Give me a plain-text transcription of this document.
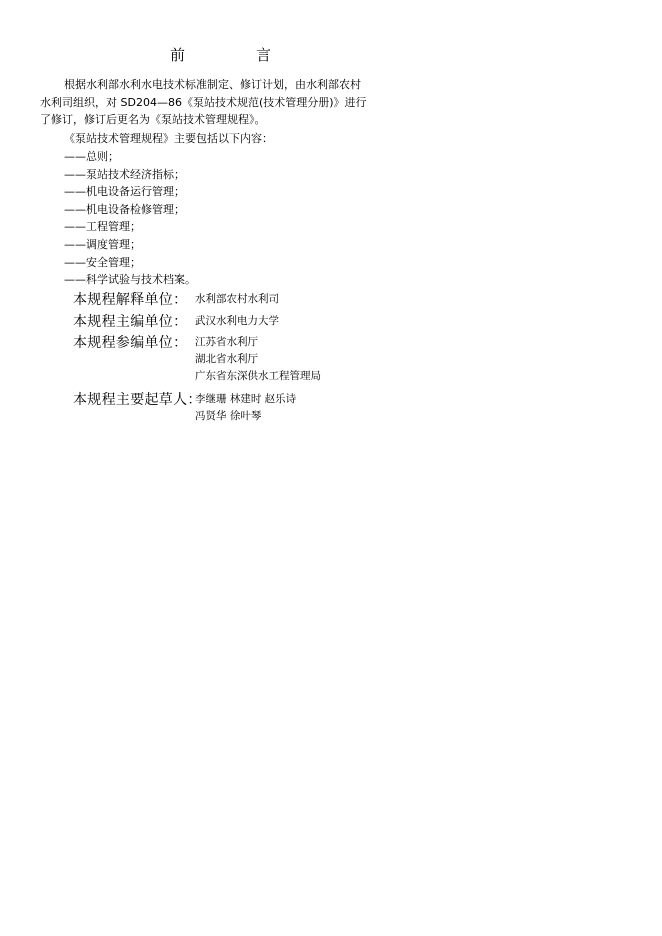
前　言

根据水利部水利水电技术标准制定、修订计划，由水利部农村
水利司组织，对 SD204—86《泵站技术规范(技术管理分册)》进行
了修订，修订后更名为《泵站技术管理规程》。

《泵站技术管理规程》主要包括以下内容：
——总则；
——泵站技术经济指标；
——机电设备运行管理；
——机电设备检修管理；
——工程管理；
——调度管理；
——安全管理；
——科学试验与技术档案。
本规程解释单位： 水利部农村水利司
本规程主编单位： 武汉水利电力大学
本规程参编单位： 江苏省水利厅
湖北省水利厅
广东省东深供水工程管理局
本规程主要起草人：
李继珊 林建时 赵乐诗
冯贤华 徐叶琴
